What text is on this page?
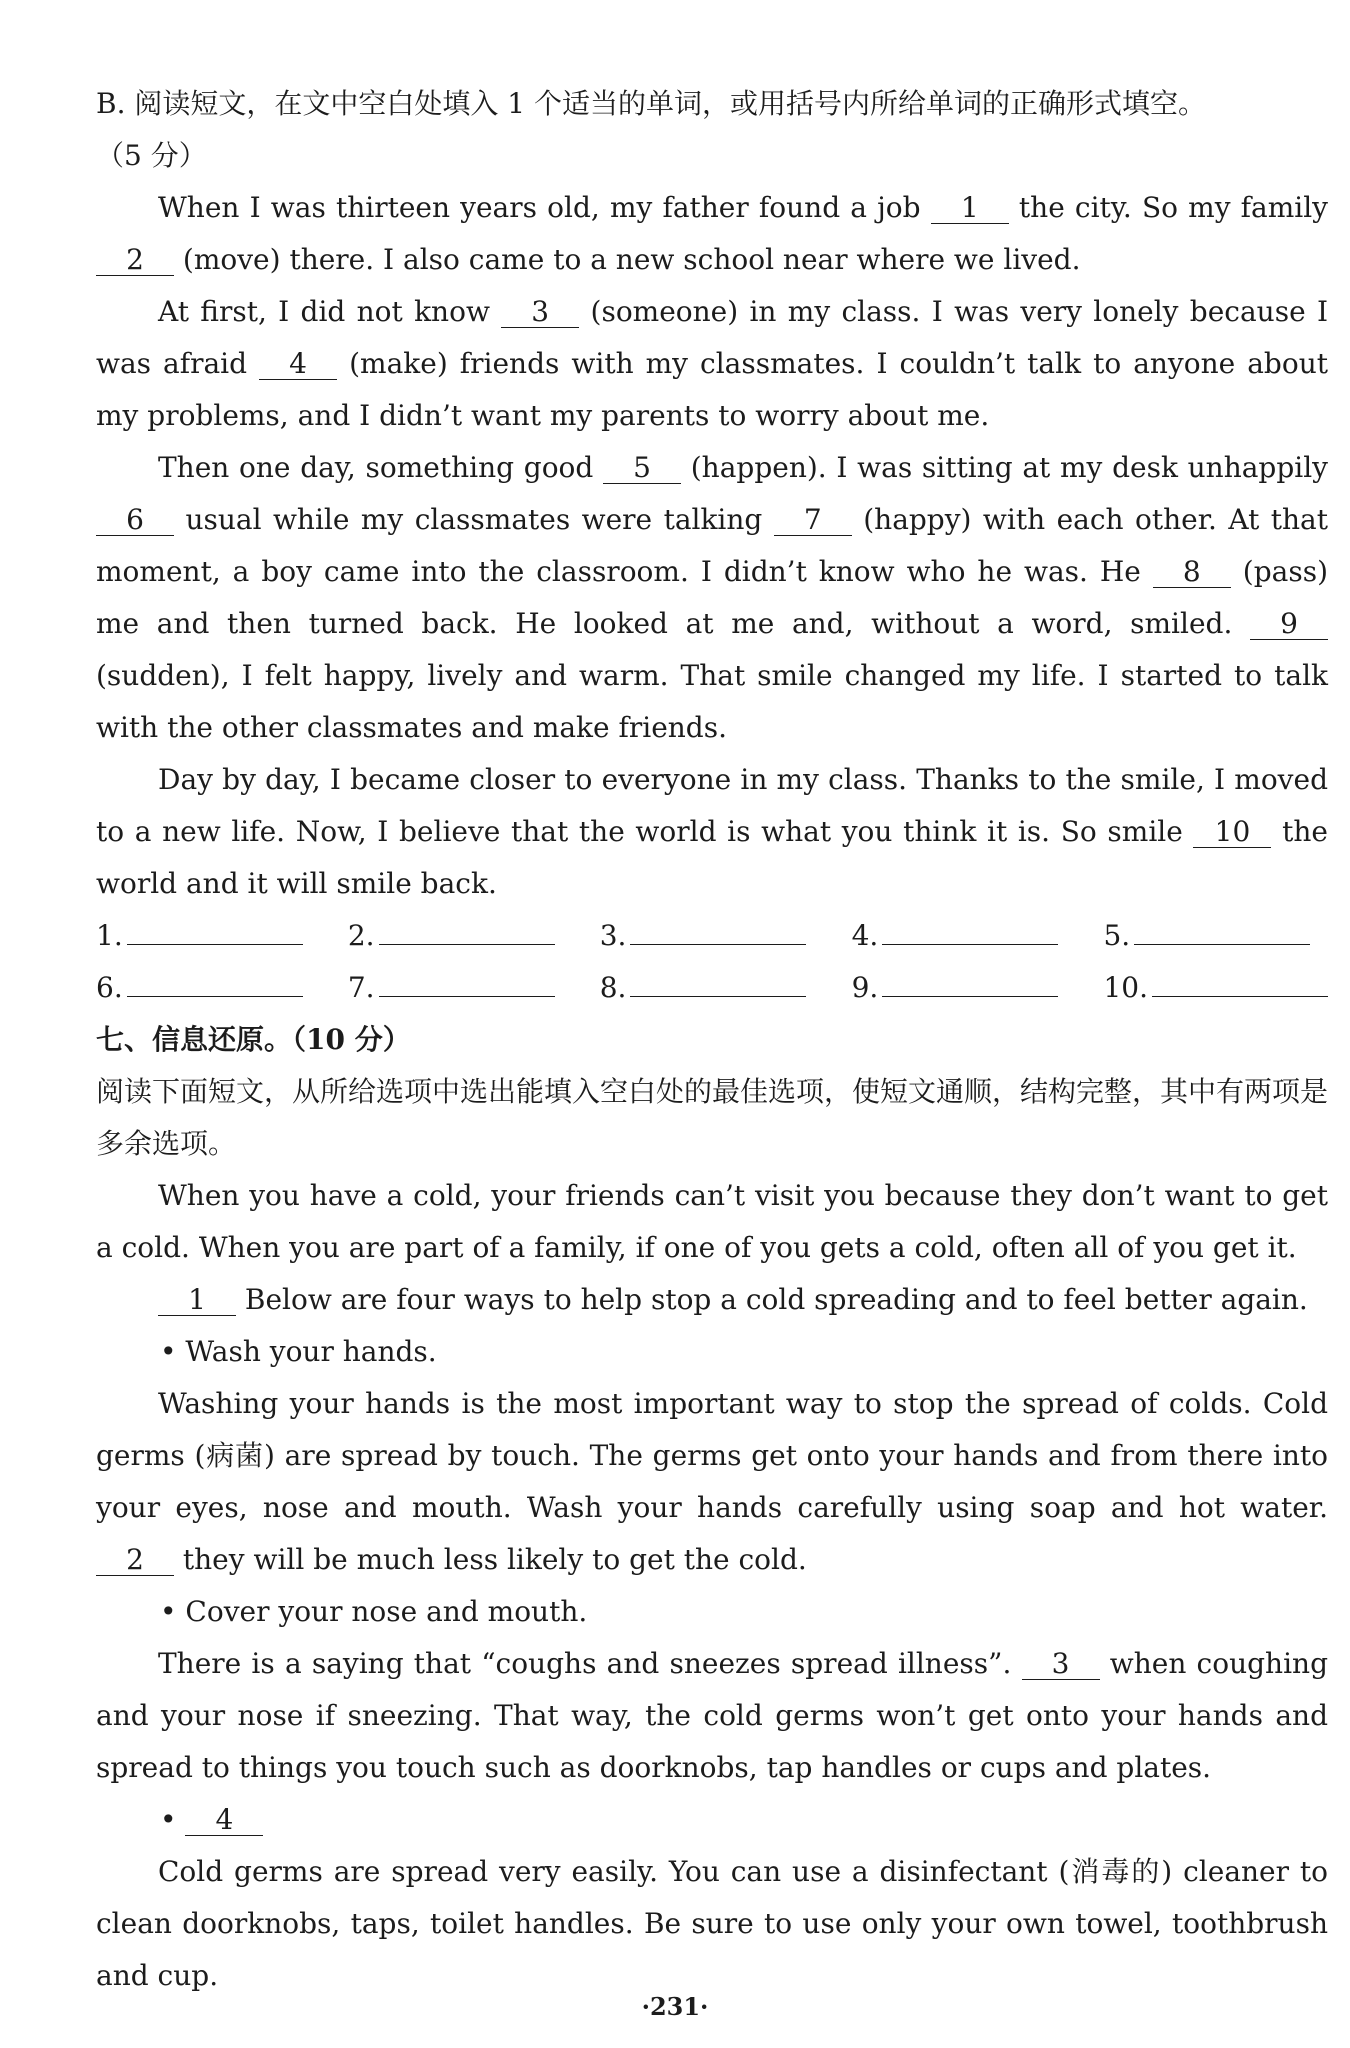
B. 阅读短文，在文中空白处填入 1 个适当的单词，或用括号内所给单词的正确形式填空。
（5 分）

When I was thirteen years old, my father found a job 1 the city. So my family 2 (move) there. I also came to a new school near where we lived.

At first, I did not know 3 (someone) in my class. I was very lonely because I was afraid 4 (make) friends with my classmates. I couldn’t talk to anyone about my problems, and I didn’t want my parents to worry about me.

Then one day, something good 5 (happen). I was sitting at my desk unhappily 6 usual while my classmates were talking 7 (happy) with each other. At that moment, a boy came into the classroom. I didn’t know who he was. He 8 (pass) me and then turned back. He looked at me and, without a word, smiled. 9 (sudden), I felt happy, lively and warm. That smile changed my life. I started to talk with the other classmates and make friends.

Day by day, I became closer to everyone in my class. Thanks to the smile, I moved to a new life. Now, I believe that the world is what you think it is. So smile 10 the world and it will smile back.

1.	2.	3.	4.	5.
6.	7.	8.	9.	10.

七、信息还原。（10 分）

阅读下面短文，从所给选项中选出能填入空白处的最佳选项，使短文通顺，结构完整，其中有两项是多余选项。

When you have a cold, your friends can’t visit you because they don’t want to get a cold. When you are part of a family, if one of you gets a cold, often all of you get it.

1 Below are four ways to help stop a cold spreading and to feel better again.

• Wash your hands.

Washing your hands is the most important way to stop the spread of colds. Cold germs (病菌) are spread by touch. The germs get onto your hands and from there into your eyes, nose and mouth. Wash your hands carefully using soap and hot water. 2 they will be much less likely to get the cold.

• Cover your nose and mouth.

There is a saying that “coughs and sneezes spread illness”. 3 when coughing and your nose if sneezing. That way, the cold germs won’t get onto your hands and spread to things you touch such as doorknobs, tap handles or cups and plates.

• 4

Cold germs are spread very easily. You can use a disinfectant (消毒的) cleaner to clean doorknobs, taps, toilet handles. Be sure to use only your own towel, toothbrush and cup.

·231·
